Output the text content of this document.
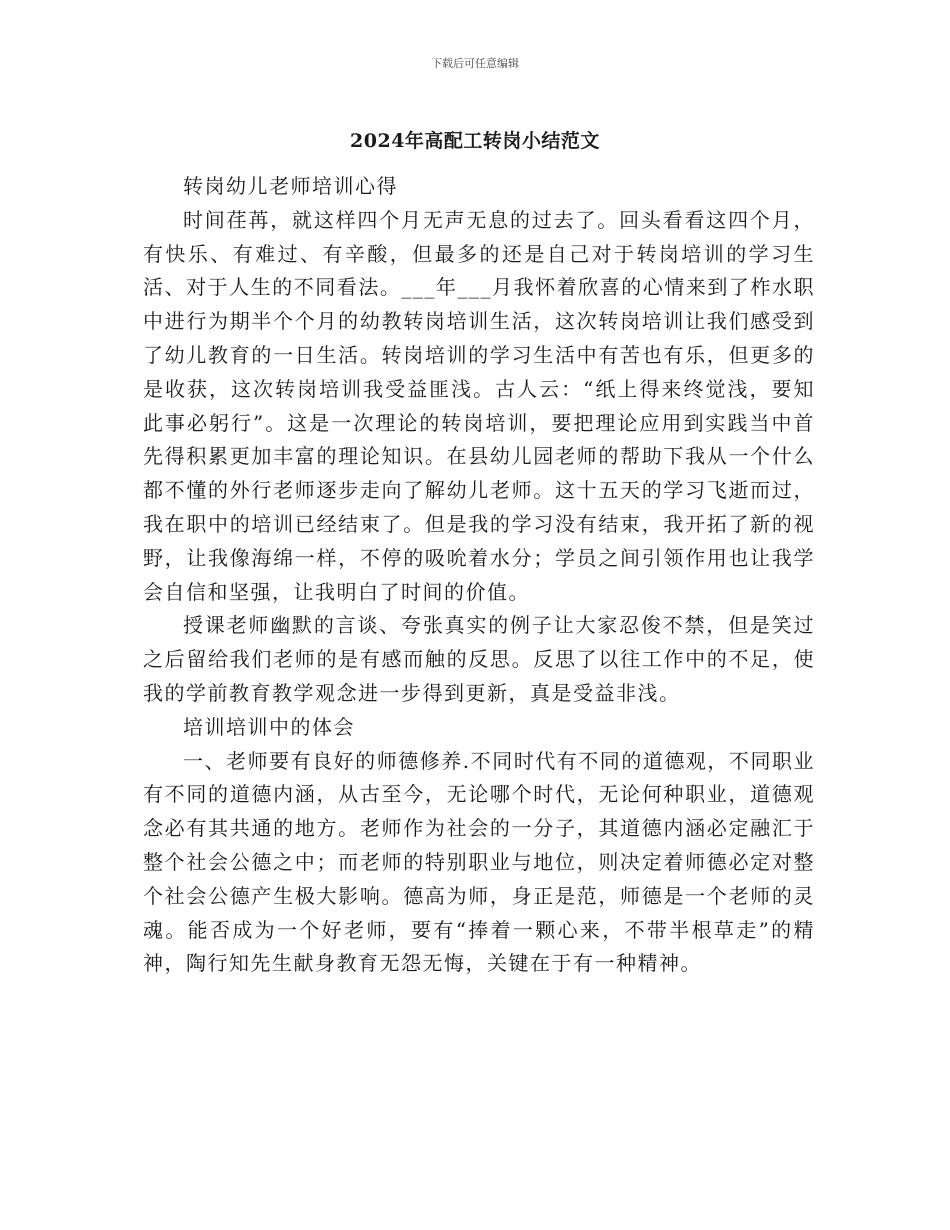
下载后可任意编辑
2024年高配工转岗小结范文

转岗幼儿老师培训心得

时间荏苒，就这样四个月无声无息的过去了。回头看看这四个月，有快乐、有难过、有辛酸，但最多的还是自己对于转岗培训的学习生活、对于人生的不同看法。___年___月我怀着欣喜的心情来到了柞水职中进行为期半个个月的幼教转岗培训生活，这次转岗培训让我们感受到了幼儿教育的一日生活。转岗培训的学习生活中有苦也有乐，但更多的是收获，这次转岗培训我受益匪浅。古人云：“纸上得来终觉浅，要知此事必躬行”。这是一次理论的转岗培训，要把理论应用到实践当中首先得积累更加丰富的理论知识。在县幼儿园老师的帮助下我从一个什么都不懂的外行老师逐步走向了解幼儿老师。这十五天的学习飞逝而过，我在职中的培训已经结束了。但是我的学习没有结束，我开拓了新的视野，让我像海绵一样，不停的吸吮着水分；学员之间引领作用也让我学会自信和坚强，让我明白了时间的价值。

授课老师幽默的言谈、夸张真实的例子让大家忍俊不禁，但是笑过之后留给我们老师的是有感而触的反思。反思了以往工作中的不足，使我的学前教育教学观念进一步得到更新，真是受益非浅。

培训培训中的体会

一、老师要有良好的师德修养.不同时代有不同的道德观，不同职业有不同的道德内涵，从古至今，无论哪个时代，无论何种职业，道德观念必有其共通的地方。老师作为社会的一分子，其道德内涵必定融汇于整个社会公德之中；而老师的特别职业与地位，则决定着师德必定对整个社会公德产生极大影响。德高为师，身正是范，师德是一个老师的灵魂。能否成为一个好老师，要有“捧着一颗心来，不带半根草走”的精神，陶行知先生献身教育无怨无悔，关键在于有一种精神。
